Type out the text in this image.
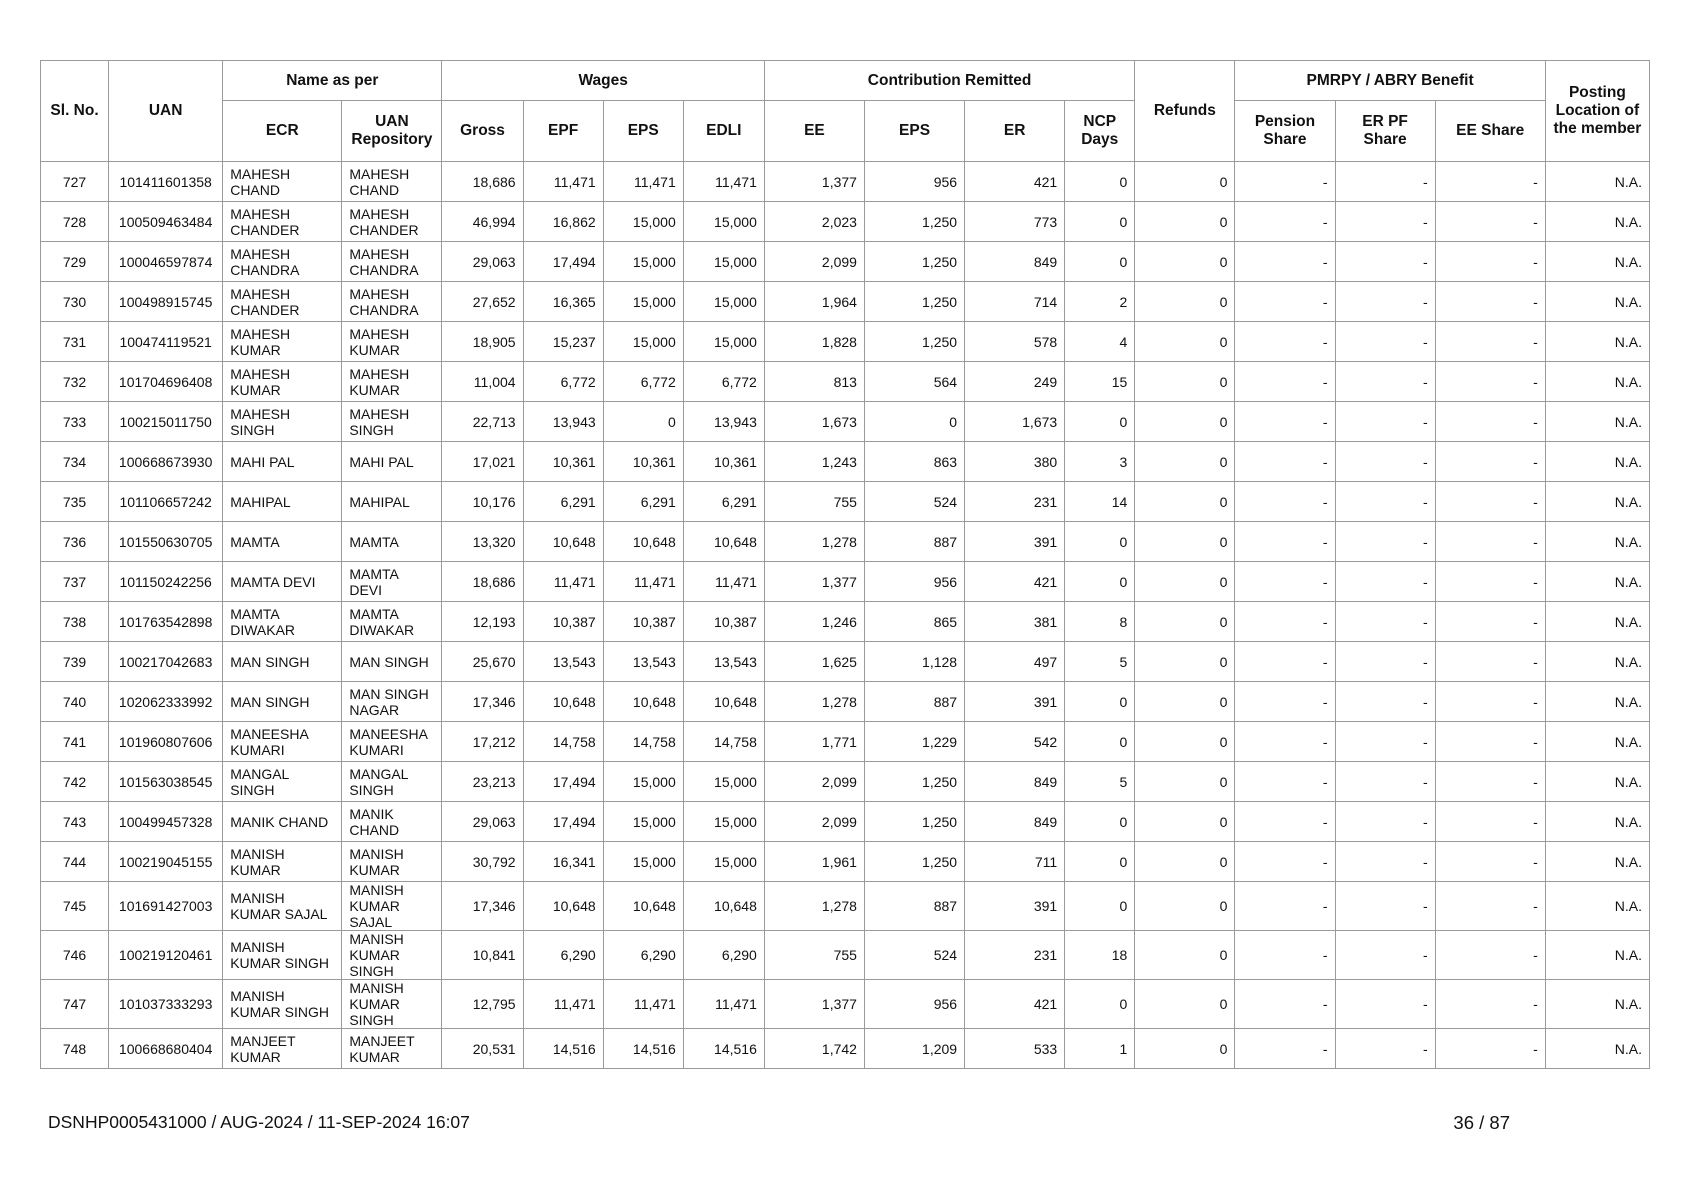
Sl. No.	UAN	Name as per		Wages				Contribution Remitted				Refunds	PMRPY / ABRY Benefit			Posting Location of the member
		ECR	UAN Repository	Gross	EPF	EPS	EDLI	EE	EPS	ER	NCP Days		Pension Share	ER PF Share	EE Share	
727	101411601358	MAHESH CHAND	MAHESH CHAND	18,686	11,471	11,471	11,471	1,377	956	421	0	0	-	-	-	N.A.
728	100509463484	MAHESH CHANDER	MAHESH CHANDER	46,994	16,862	15,000	15,000	2,023	1,250	773	0	0	-	-	-	N.A.
729	100046597874	MAHESH CHANDRA	MAHESH CHANDRA	29,063	17,494	15,000	15,000	2,099	1,250	849	0	0	-	-	-	N.A.
730	100498915745	MAHESH CHANDER	MAHESH CHANDRA	27,652	16,365	15,000	15,000	1,964	1,250	714	2	0	-	-	-	N.A.
731	100474119521	MAHESH KUMAR	MAHESH KUMAR	18,905	15,237	15,000	15,000	1,828	1,250	578	4	0	-	-	-	N.A.
732	101704696408	MAHESH KUMAR	MAHESH KUMAR	11,004	6,772	6,772	6,772	813	564	249	15	0	-	-	-	N.A.
733	100215011750	MAHESH SINGH	MAHESH SINGH	22,713	13,943	0	13,943	1,673	0	1,673	0	0	-	-	-	N.A.
734	100668673930	MAHI PAL	MAHI PAL	17,021	10,361	10,361	10,361	1,243	863	380	3	0	-	-	-	N.A.
735	101106657242	MAHIPAL	MAHIPAL	10,176	6,291	6,291	6,291	755	524	231	14	0	-	-	-	N.A.
736	101550630705	MAMTA	MAMTA	13,320	10,648	10,648	10,648	1,278	887	391	0	0	-	-	-	N.A.
737	101150242256	MAMTA DEVI	MAMTA DEVI	18,686	11,471	11,471	11,471	1,377	956	421	0	0	-	-	-	N.A.
738	101763542898	MAMTA DIWAKAR	MAMTA DIWAKAR	12,193	10,387	10,387	10,387	1,246	865	381	8	0	-	-	-	N.A.
739	100217042683	MAN SINGH	MAN SINGH	25,670	13,543	13,543	13,543	1,625	1,128	497	5	0	-	-	-	N.A.
740	102062333992	MAN SINGH	MAN SINGH NAGAR	17,346	10,648	10,648	10,648	1,278	887	391	0	0	-	-	-	N.A.
741	101960807606	MANEESHA KUMARI	MANEESHA KUMARI	17,212	14,758	14,758	14,758	1,771	1,229	542	0	0	-	-	-	N.A.
742	101563038545	MANGAL SINGH	MANGAL SINGH	23,213	17,494	15,000	15,000	2,099	1,250	849	5	0	-	-	-	N.A.
743	100499457328	MANIK CHAND	MANIK CHAND	29,063	17,494	15,000	15,000	2,099	1,250	849	0	0	-	-	-	N.A.
744	100219045155	MANISH KUMAR	MANISH KUMAR	30,792	16,341	15,000	15,000	1,961	1,250	711	0	0	-	-	-	N.A.
745	101691427003	MANISH KUMAR SAJAL	MANISH KUMAR SAJAL	17,346	10,648	10,648	10,648	1,278	887	391	0	0	-	-	-	N.A.
746	100219120461	MANISH KUMAR SINGH	MANISH KUMAR SINGH	10,841	6,290	6,290	6,290	755	524	231	18	0	-	-	-	N.A.
747	101037333293	MANISH KUMAR SINGH	MANISH KUMAR SINGH	12,795	11,471	11,471	11,471	1,377	956	421	0	0	-	-	-	N.A.
748	100668680404	MANJEET KUMAR	MANJEET KUMAR	20,531	14,516	14,516	14,516	1,742	1,209	533	1	0	-	-	-	N.A.
DSNHP0005431000 / AUG-2024 / 11-SEP-2024 16:07	36 / 87
